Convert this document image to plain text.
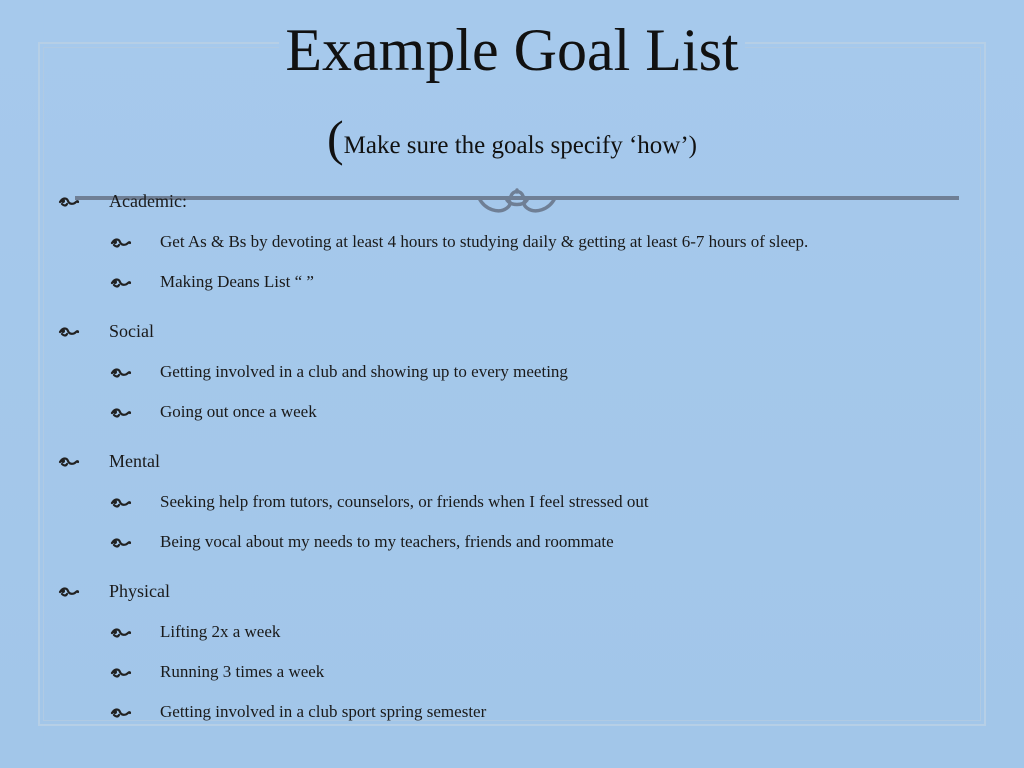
Example Goal List
(Make sure the goals specify ‘how’)
Academic:
Get As & Bs by devoting at least 4 hours to studying daily & getting at least 6-7 hours of sleep.
Making Deans List “ ”
Social
Getting involved in a club and showing up to every meeting
Going out once a week
Mental
Seeking help from tutors, counselors, or friends when I feel stressed out
Being vocal about my needs to my teachers, friends and roommate
Physical
Lifting 2x a week
Running 3 times a week
Getting involved in a club sport spring semester
